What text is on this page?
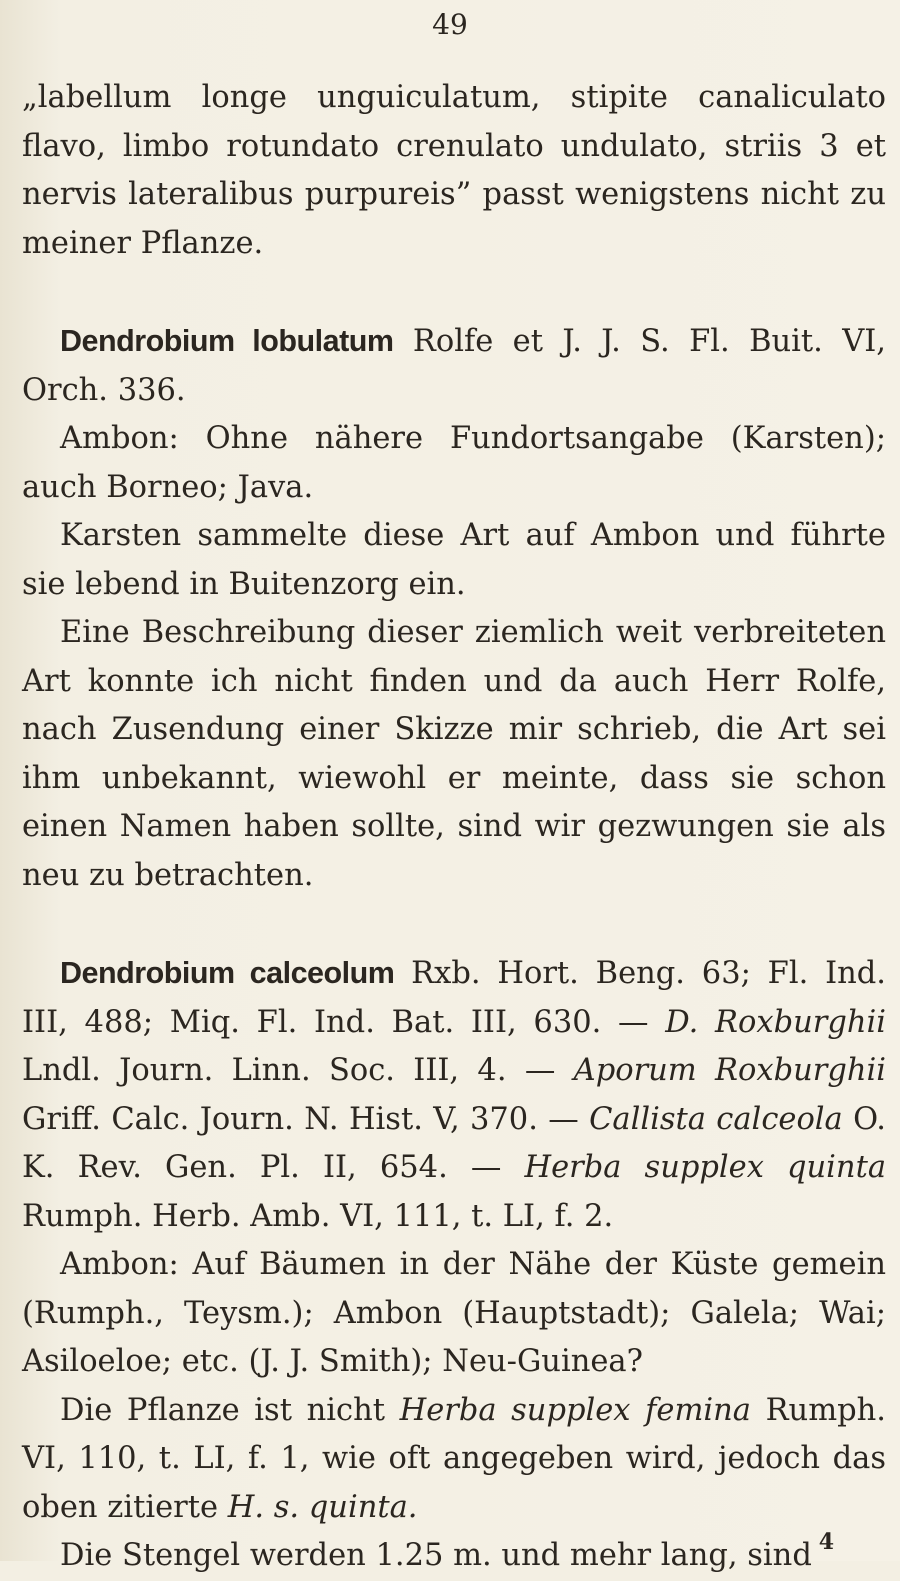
49

„labellum longe unguiculatum, stipite canaliculato flavo, limbo rotundato crenulato undulato, striis 3 et nervis lateralibus purpureis” passt wenigstens nicht zu meiner Pflanze.

Dendrobium lobulatum Rolfe et J. J. S. Fl. Buit. VI, Orch. 336.

Ambon: Ohne nähere Fundortsangabe (Karsten); auch Borneo; Java.

Karsten sammelte diese Art auf Ambon und führte sie lebend in Buitenzorg ein.

Eine Beschreibung dieser ziemlich weit verbreiteten Art konnte ich nicht finden und da auch Herr Rolfe, nach Zusendung einer Skizze mir schrieb, die Art sei ihm unbekannt, wiewohl er meinte, dass sie schon einen Namen haben sollte, sind wir gezwungen sie als neu zu betrachten.

Dendrobium calceolum Rxb. Hort. Beng. 63; Fl. Ind. III, 488; Miq. Fl. Ind. Bat. III, 630. — D. Roxburghii Lndl. Journ. Linn. Soc. III, 4. — Aporum Roxburghii Griff. Calc. Journ. N. Hist. V, 370. — Callista calceola O. K. Rev. Gen. Pl. II, 654. — Herba supplex quinta Rumph. Herb. Amb. VI, 111, t. LI, f. 2.

Ambon: Auf Bäumen in der Nähe der Küste gemein (Rumph., Teysm.); Ambon (Hauptstadt); Galela; Wai; Asiloeloe; etc. (J. J. Smith); Neu-Guinea?

Die Pflanze ist nicht Herba supplex femina Rumph. VI, 110, t. LI, f. 1, wie oft angegeben wird, jedoch das oben zitierte H. s. quinta.

Die Stengel werden 1.25 m. und mehr lang, sind 4
